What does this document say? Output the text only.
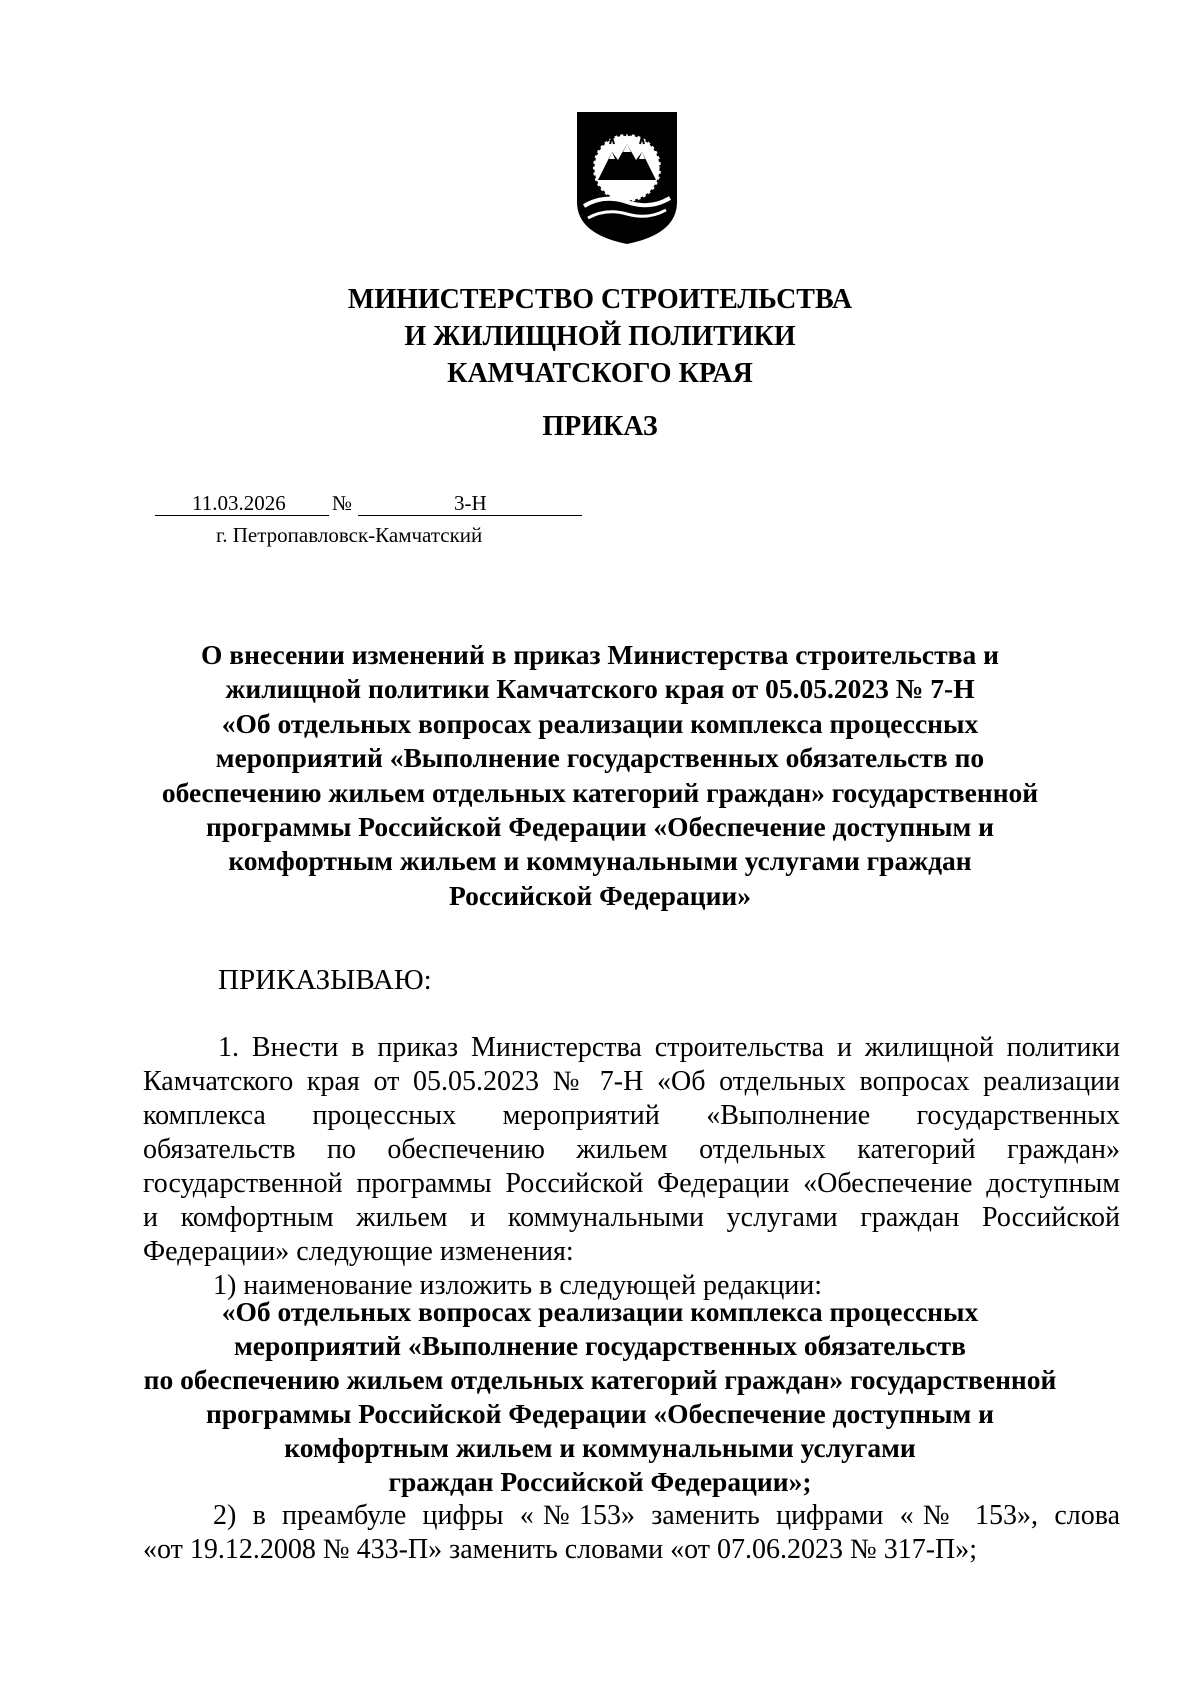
МИНИСТЕРСТВО СТРОИТЕЛЬСТВА
И ЖИЛИЩНОЙ ПОЛИТИКИ
КАМЧАТСКОГО КРАЯ
ПРИКАЗ
11.03.2026 №	3-Н
г. Петропавловск-Камчатский
О внесении изменений в приказ Министерства строительства и
жилищной политики Камчатского края от 05.05.2023 № 7-Н
«Об отдельных вопросах реализации комплекса процессных
мероприятий «Выполнение государственных обязательств по
обеспечению жильем отдельных категорий граждан» государственной
программы Российской Федерации «Обеспечение доступным и
комфортным жильем и коммунальными услугами граждан
Российской Федерации»
ПРИКАЗЫВАЮ:
1. Внести в приказ Министерства строительства и жилищной политики
Камчатского края от 05.05.2023 № 7-Н «Об отдельных вопросах реализации
комплекса процессных мероприятий «Выполнение государственных
обязательств по обеспечению жильем отдельных категорий граждан»
государственной программы Российской Федерации «Обеспечение доступным
и комфортным жильем и коммунальными услугами граждан Российской
Федерации» следующие изменения:
1) наименование изложить в следующей редакции:
«Об отдельных вопросах реализации комплекса процессных
мероприятий «Выполнение государственных обязательств
по обеспечению жильем отдельных категорий граждан» государственной
программы Российской Федерации «Обеспечение доступным и
комфортным жильем и коммунальными услугами
граждан Российской Федерации»;
2) в преамбуле цифры «№153» заменить цифрами «№ 153», слова
«от 19.12.2008 № 433-П» заменить словами «от 07.06.2023 № 317-П»;
